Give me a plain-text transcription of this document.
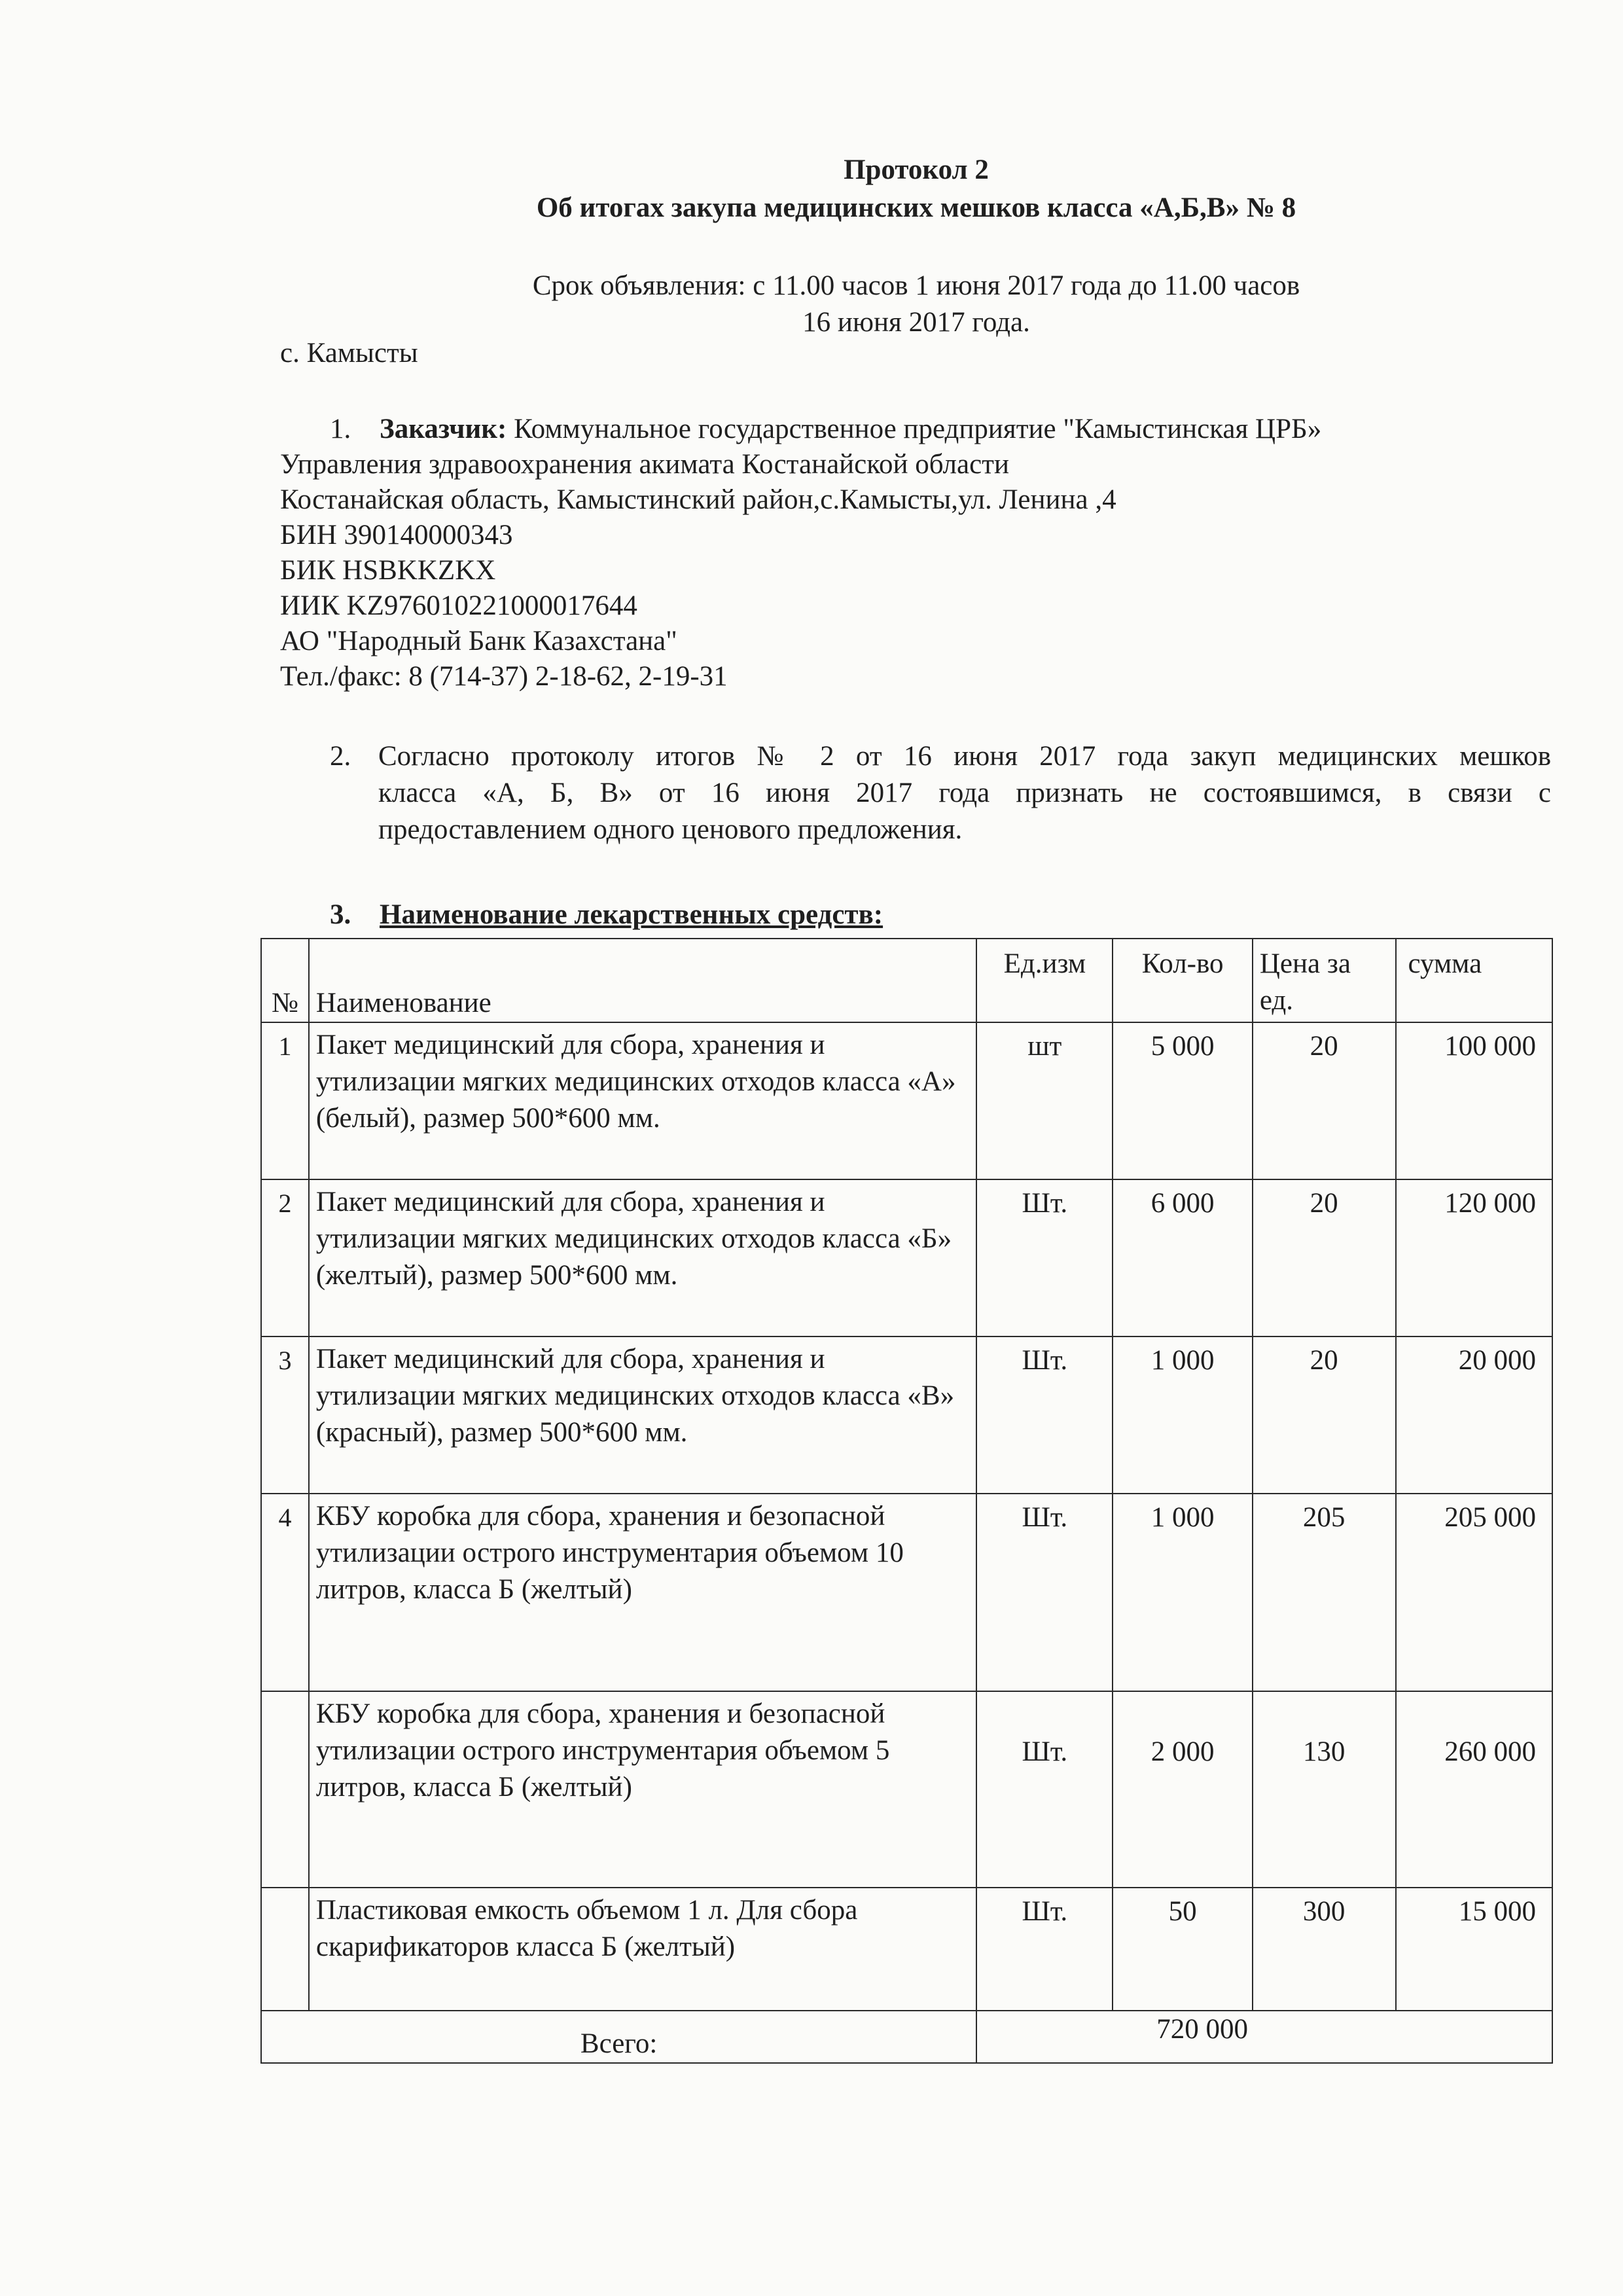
Протокол 2
Об итогах закупа медицинских мешков класса «А,Б,В» № 8
Срок объявления: с 11.00 часов 1 июня 2017 года до 11.00 часов
16 июня 2017 года.
с. Камысты
1. Заказчик: Коммунальное государственное предприятие "Камыстинская ЦРБ»
Управления здравоохранения акимата Костанайской области
Костанайская область, Камыстинский район,с.Камысты,ул. Ленина ,4
БИН 390140000343
БИК HSBKKZKX
ИИК KZ976010221000017644
АО "Народный Банк Казахстана"
Тел./факс: 8 (714-37) 2-18-62, 2-19-31
2. Согласно протоколу итогов № 2 от 16 июня 2017 года закуп медицинских мешков
класса «А, Б, В» от 16 июня 2017 года признать не состоявшимся, в связи с
предоставлением одного ценового предложения.
3. Наименование лекарственных средств:
№	Наименование	Ед.изм	Кол-во	Цена за ед.	сумма
1	Пакет медицинский для сбора, хранения и утилизации мягких медицинских отходов класса «А» (белый), размер 500*600 мм.	шт	5 000	20	100 000
2	Пакет медицинский для сбора, хранения и утилизации мягких медицинских отходов класса «Б» (желтый), размер 500*600 мм.	Шт.	6 000	20	120 000
3	Пакет медицинский для сбора, хранения и утилизации мягких медицинских отходов класса «В» (красный), размер 500*600 мм.	Шт.	1 000	20	20 000
4	КБУ коробка для сбора, хранения и безопасной утилизации острого инструментария объемом 10 литров, класса Б (желтый)	Шт.	1 000	205	205 000
	КБУ коробка для сбора, хранения и безопасной утилизации острого инструментария объемом 5 литров, класса Б (желтый)	Шт.	2 000	130	260 000
	Пластиковая емкость объемом 1 л. Для сбора скарификаторов класса Б (желтый)	Шт.	50	300	15 000
Всего:		720 000			
